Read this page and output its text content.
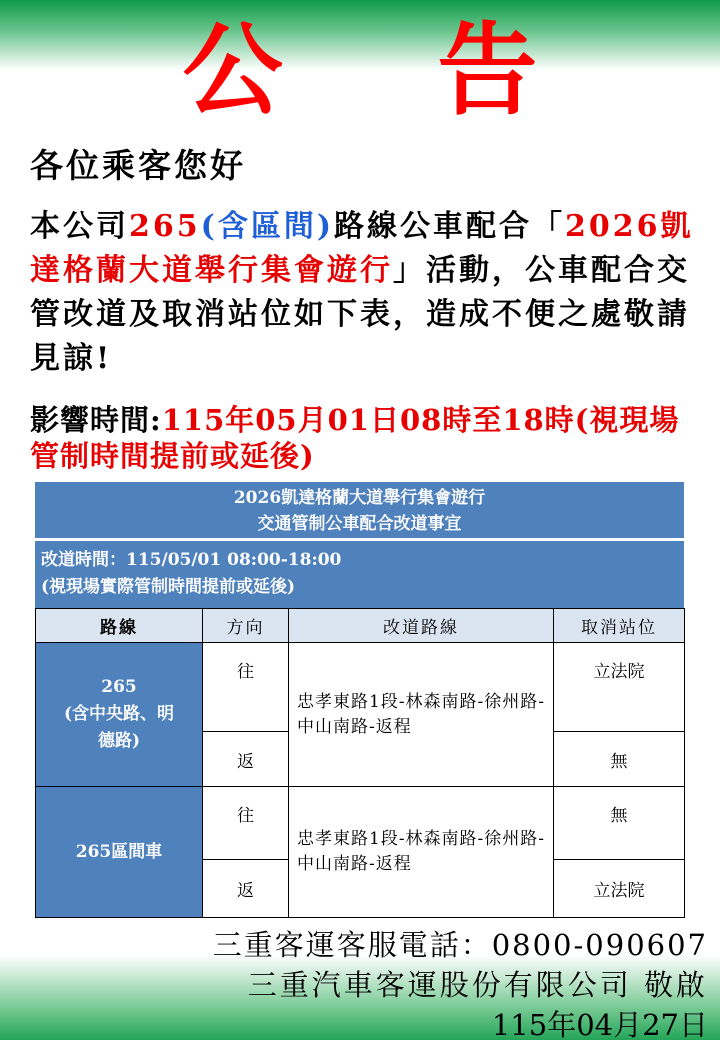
公 告
各位乘客您好
本公司265(含區間)路線公車配合「2026凱達格蘭大道舉行集會遊行」活動，公車配合交管改道及取消站位如下表，造成不便之處敬請見諒!
影響時間:115年05月01日08時至18時(視現場管制時間提前或延後)
2026凱達格蘭大道舉行集會遊行
交通管制公車配合改道事宜
改道時間：115/05/01 08:00-18:00
(視現場實際管制時間提前或延後)
路線	方向	改道路線	取消站位

265
(含中央路、明
德路)	往	忠孝東路1段-林森南路-徐州路-中山南路-返程	立法院
	返		無
265區間車	往	忠孝東路1段-林森南路-徐州路-中山南路-返程	無
	返		立法院
三重客運客服電話：0800-090607
三重汽車客運股份有限公司 敬啟
115年04月27日
